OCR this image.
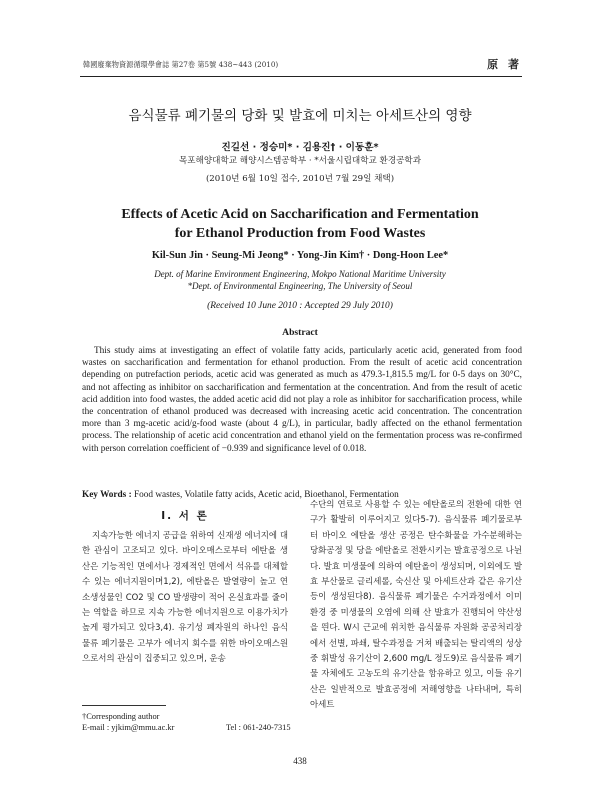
韓國廢棄物資源循環學會誌 第27卷 第5號 438~443 (2010)	原 著
음식물류 폐기물의 당화 및 발효에 미치는 아세트산의 영향
진길선 · 정승미* · 김용진† · 이동훈*
목포해양대학교 해양시스템공학부 · *서울시립대학교 환경공학과
(2010년 6월 10일 접수, 2010년 7월 29일 채택)
Effects of Acetic Acid on Saccharification and Fermentation
for Ethanol Production from Food Wastes
Kil-Sun Jin · Seung-Mi Jeong* · Yong-Jin Kim† · Dong-Hoon Lee*
Dept. of Marine Environment Engineering, Mokpo National Maritime University
*Dept. of Environmental Engineering, The University of Seoul
(Received 10 June 2010 : Accepted 29 July 2010)
Abstract

This study aims at investigating an effect of volatile fatty acids, particularly acetic acid, generated from food wastes on saccharification and fermentation for ethanol production. From the result of acetic acid concentration depending on putrefaction periods, acetic acid was generated as much as 479.3-1,815.5 mg/L for 0-5 days on 30°C, and not affecting as inhibitor on saccharification and fermentation at the concentration. And from the result of acetic acid addition into food wastes, the added acetic acid did not play a role as inhibitor for saccharification process, while the concentration of ethanol produced was decreased with increasing acetic acid concentration. The concentration more than 3 mg-acetic acid/g-food waste (about 4 g/L), in particular, badly affected on the ethanol fermentation process. The relationship of acetic acid concentration and ethanol yield on the fermentation process was re-confirmed with person correlation coefficient of −0.939 and significance level of 0.018.

Key Words : Food wastes, Volatile fatty acids, Acetic acid, Bioethanol, Fermentation
I. 서 론
지속가능한 에너지 공급을 위하여 신재생 에너지에 대한 관심이 고조되고 있다. 바이오매스로부터 에탄올 생산은 기능적인 면에서나 경제적인 면에서 석유를 대체할 수 있는 에너지원이며1,2), 에탄올은 발열량이 높고 연소생성물인 CO2 및 CO 발생량이 적어 온실효과를 줄이는 역할을 하므로 지속 가능한 에너지원으로 이용가치가 높게 평가되고 있다3,4). 유기성 폐자원의 하나인 음식물류 폐기물은 고부가 에너지 회수를 위한 바이오매스원으로서의 관심이 집중되고 있으며, 운송
수단의 연료로 사용할 수 있는 에탄올로의 전환에 대한 연구가 활발히 이루어지고 있다5-7). 음식물류 폐기물로부터 바이오 에탄올 생산 공정은 탄수화물을 가수분해하는 당화공정 및 당을 에탄올로 전환시키는 발효공정으로 나뉜다. 발효 미생물에 의하여 에탄올이 생성되며, 이외에도 발효 부산물로 글리세롤, 숙신산 및 아세트산과 같은 유기산 등이 생성된다8). 음식물류 폐기물은 수거과정에서 이미 환경 중 미생물의 오염에 의해 산 발효가 진행되어 약산성을 띈다. W시 근교에 위치한 음식물류 자원화 공공처리장에서 선별, 파쇄, 탈수과정을 거쳐 배출되는 탈리액의 성상 중 휘발성 유기산이 2,600 mg/L 정도9)로 음식물류 폐기물 자체에도 고농도의 유기산을 함유하고 있고, 이들 유기산은 일반적으로 발효공정에 저해영향을 나타내며, 특히 아세트
†Corresponding author
E-mail : yjkim@mmu.ac.kr	Tel : 061-240-7315
438
